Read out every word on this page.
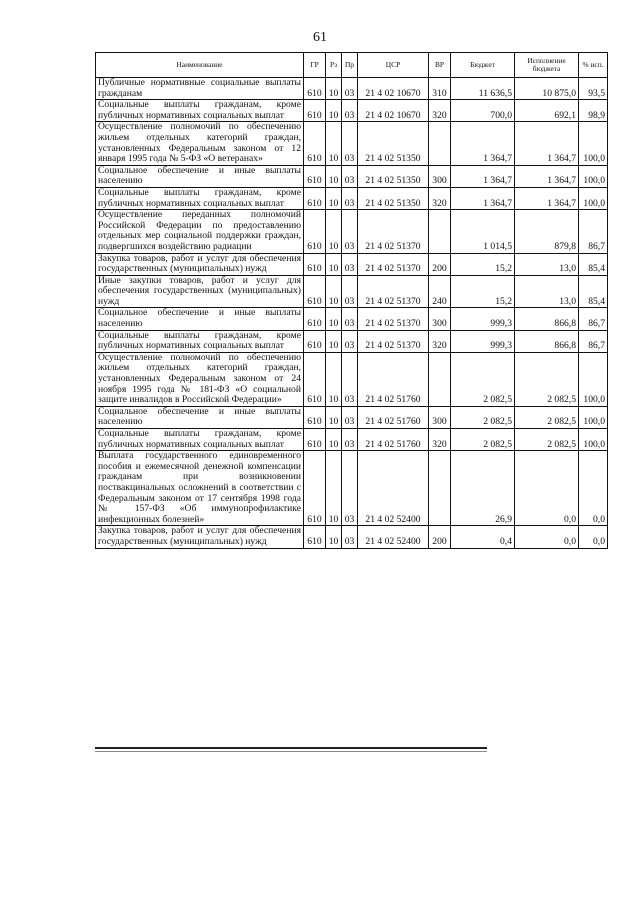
61
Наименование	ГР	Рз	Пр	ЦСР	ВР	Бюджет	Исполнение бюджета	% исп.
Публичные нормативные социальные выплаты гражданам	610	10	03	21 4 02 10670	310	11 636,5	10 875,0	93,5
Социальные выплаты гражданам, кроме публичных нормативных социальных выплат	610	10	03	21 4 02 10670	320	700,0	692,1	98,9
Осуществление полномочий по обеспечению жильем отдельных категорий граждан, установленных Федеральным законом от 12 января 1995 года № 5-ФЗ «О ветеранах»	610	10	03	21 4 02 51350		1 364,7	1 364,7	100,0
Социальное обеспечение и иные выплаты населению	610	10	03	21 4 02 51350	300	1 364,7	1 364,7	100,0
Социальные выплаты гражданам, кроме публичных нормативных социальных выплат	610	10	03	21 4 02 51350	320	1 364,7	1 364,7	100,0
Осуществление переданных полномочий Российской Федерации по предоставлению отдельных мер социальной поддержки граждан, подвергшихся воздействию радиации	610	10	03	21 4 02 51370		1 014,5	879,8	86,7
Закупка товаров, работ и услуг для обеспечения государственных (муниципальных) нужд	610	10	03	21 4 02 51370	200	15,2	13,0	85,4
Иные закупки товаров, работ и услуг для обеспечения государственных (муниципальных) нужд	610	10	03	21 4 02 51370	240	15,2	13,0	85,4
Социальное обеспечение и иные выплаты населению	610	10	03	21 4 02 51370	300	999,3	866,8	86,7
Социальные выплаты гражданам, кроме публичных нормативных социальных выплат	610	10	03	21 4 02 51370	320	999,3	866,8	86,7
Осуществление полномочий по обеспечению жильем отдельных категорий граждан, установленных Федеральным законом от 24 ноября 1995 года № 181-ФЗ «О социальной защите инвалидов в Российской Федерации»	610	10	03	21 4 02 51760		2 082,5	2 082,5	100,0
Социальное обеспечение и иные выплаты населению	610	10	03	21 4 02 51760	300	2 082,5	2 082,5	100,0
Социальные выплаты гражданам, кроме публичных нормативных социальных выплат	610	10	03	21 4 02 51760	320	2 082,5	2 082,5	100,0
Выплата государственного единовременного пособия и ежемесячной денежной компенсации гражданам при возникновении поствакцинальных осложнений в соответствии с Федеральным законом от 17 сентября 1998 года № 157-ФЗ «Об иммунопрофилактике инфекционных болезней»	610	10	03	21 4 02 52400		26,9	0,0	0,0
Закупка товаров, работ и услуг для обеспечения государственных (муниципальных) нужд	610	10	03	21 4 02 52400	200	0,4	0,0	0,0
